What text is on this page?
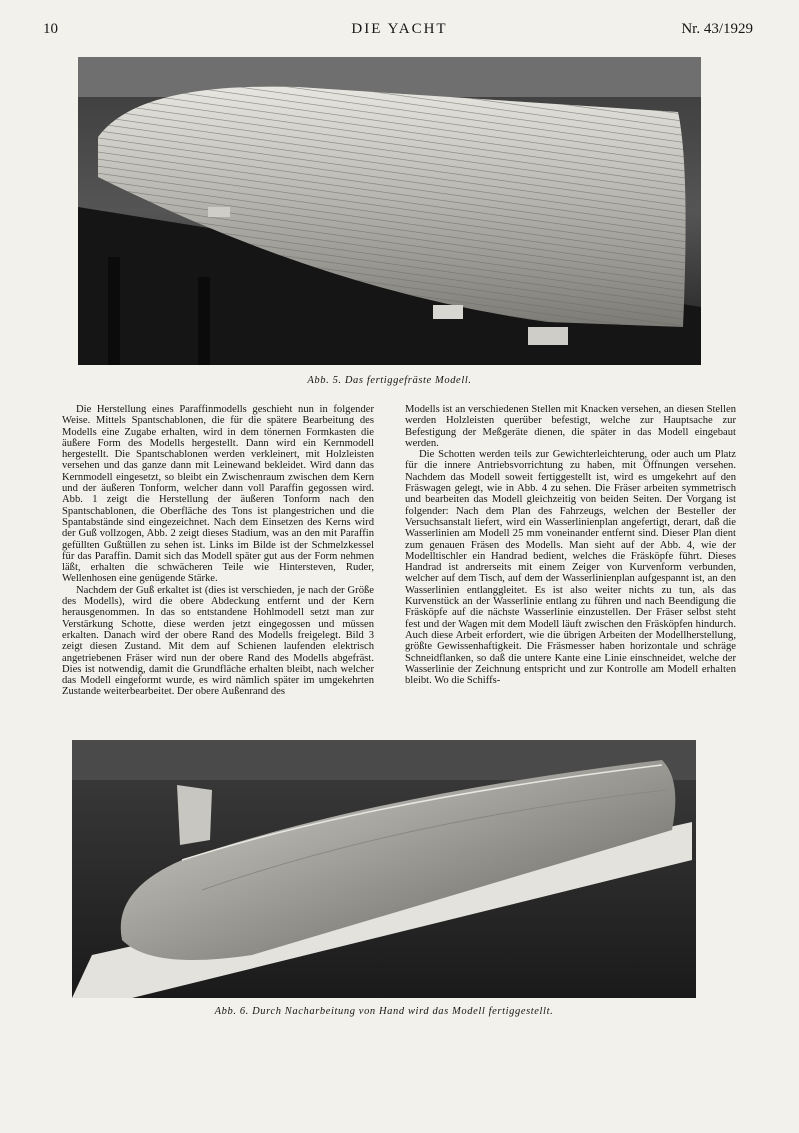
10	DIE YACHT	Nr. 43/1929
Abb. 5. Das fertiggefräste Modell.

Die Herstellung eines Paraffinmodells geschieht nun in folgender Weise. Mittels Spantschablonen, die für die spätere Bearbeitung des Modells eine Zugabe erhalten, wird in dem tönernen Formkasten die äußere Form des Modells hergestellt. Dann wird ein Kernmodell hergestellt. Die Spantschablonen werden verkleinert, mit Holzleisten versehen und das ganze dann mit Leinewand bekleidet. Wird dann das Kernmodell eingesetzt, so bleibt ein Zwischenraum zwischen dem Kern und der äußeren Tonform, welcher dann voll Paraffin gegossen wird. Abb. 1 zeigt die Herstellung der äußeren Tonform nach den Spantschablonen, die Oberfläche des Tons ist plangestrichen und die Spantabstände sind eingezeichnet. Nach dem Einsetzen des Kerns wird der Guß vollzogen, Abb. 2 zeigt dieses Stadium, was an den mit Paraffin gefüllten Gußtüllen zu sehen ist. Links im Bilde ist der Schmelzkessel für das Paraffin. Damit sich das Modell später gut aus der Form nehmen läßt, erhalten die schwächeren Teile wie Hintersteven, Ruder, Wellenhosen eine genügende Stärke.

Nachdem der Guß erkaltet ist (dies ist verschieden, je nach der Größe des Modells), wird die obere Abdeckung entfernt und der Kern herausgenommen. In das so entstandene Hohlmodell setzt man zur Verstärkung Schotte, diese werden jetzt eingegossen und müssen erkalten. Danach wird der obere Rand des Modells freigelegt. Bild 3 zeigt diesen Zustand. Mit dem auf Schienen laufenden elektrisch angetriebenen Fräser wird nun der obere Rand des Modells abgefräst. Dies ist notwendig, damit die Grundfläche erhalten bleibt, nach welcher das Modell eingeformt wurde, es wird nämlich später im umgekehrten Zustande weiterbearbeitet. Der obere Außenrand des

Modells ist an verschiedenen Stellen mit Knacken versehen, an diesen Stellen werden Holzleisten querüber befestigt, welche zur Hauptsache zur Befestigung der Meßgeräte dienen, die später in das Modell eingebaut werden.

Die Schotten werden teils zur Gewichterleichterung, oder auch um Platz für die innere Antriebsvorrichtung zu haben, mit Öffnungen versehen. Nachdem das Modell soweit fertiggestellt ist, wird es umgekehrt auf den Fräswagen gelegt, wie in Abb. 4 zu sehen. Die Fräser arbeiten symmetrisch und bearbeiten das Modell gleichzeitig von beiden Seiten. Der Vorgang ist folgender: Nach dem Plan des Fahrzeugs, welchen der Besteller der Versuchsanstalt liefert, wird ein Wasserlinienplan angefertigt, derart, daß die Wasserlinien am Modell 25 mm voneinander entfernt sind. Dieser Plan dient zum genauen Fräsen des Modells. Man sieht auf der Abb. 4, wie der Modelltischler ein Handrad bedient, welches die Fräsköpfe führt. Dieses Handrad ist andrerseits mit einem Zeiger von Kurvenform verbunden, welcher auf dem Tisch, auf dem der Wasserlinienplan aufgespannt ist, an den Wasserlinien entlanggleitet. Es ist also weiter nichts zu tun, als das Kurvenstück an der Wasserlinie entlang zu führen und nach Beendigung die Fräsköpfe auf die nächste Wasserlinie einzustellen. Der Fräser selbst steht fest und der Wagen mit dem Modell läuft zwischen den Fräsköpfen hindurch. Auch diese Arbeit erfordert, wie die übrigen Arbeiten der Modellherstellung, größte Gewissenhaftigkeit. Die Fräsmesser haben horizontale und schräge Schneidflanken, so daß die untere Kante eine Linie einschneidet, welche der Wasserlinie der Zeichnung entspricht und zur Kontrolle am Modell erhalten bleibt. Wo die Schiffs-

Abb. 6. Durch Nacharbeitung von Hand wird das Modell fertiggestellt.
